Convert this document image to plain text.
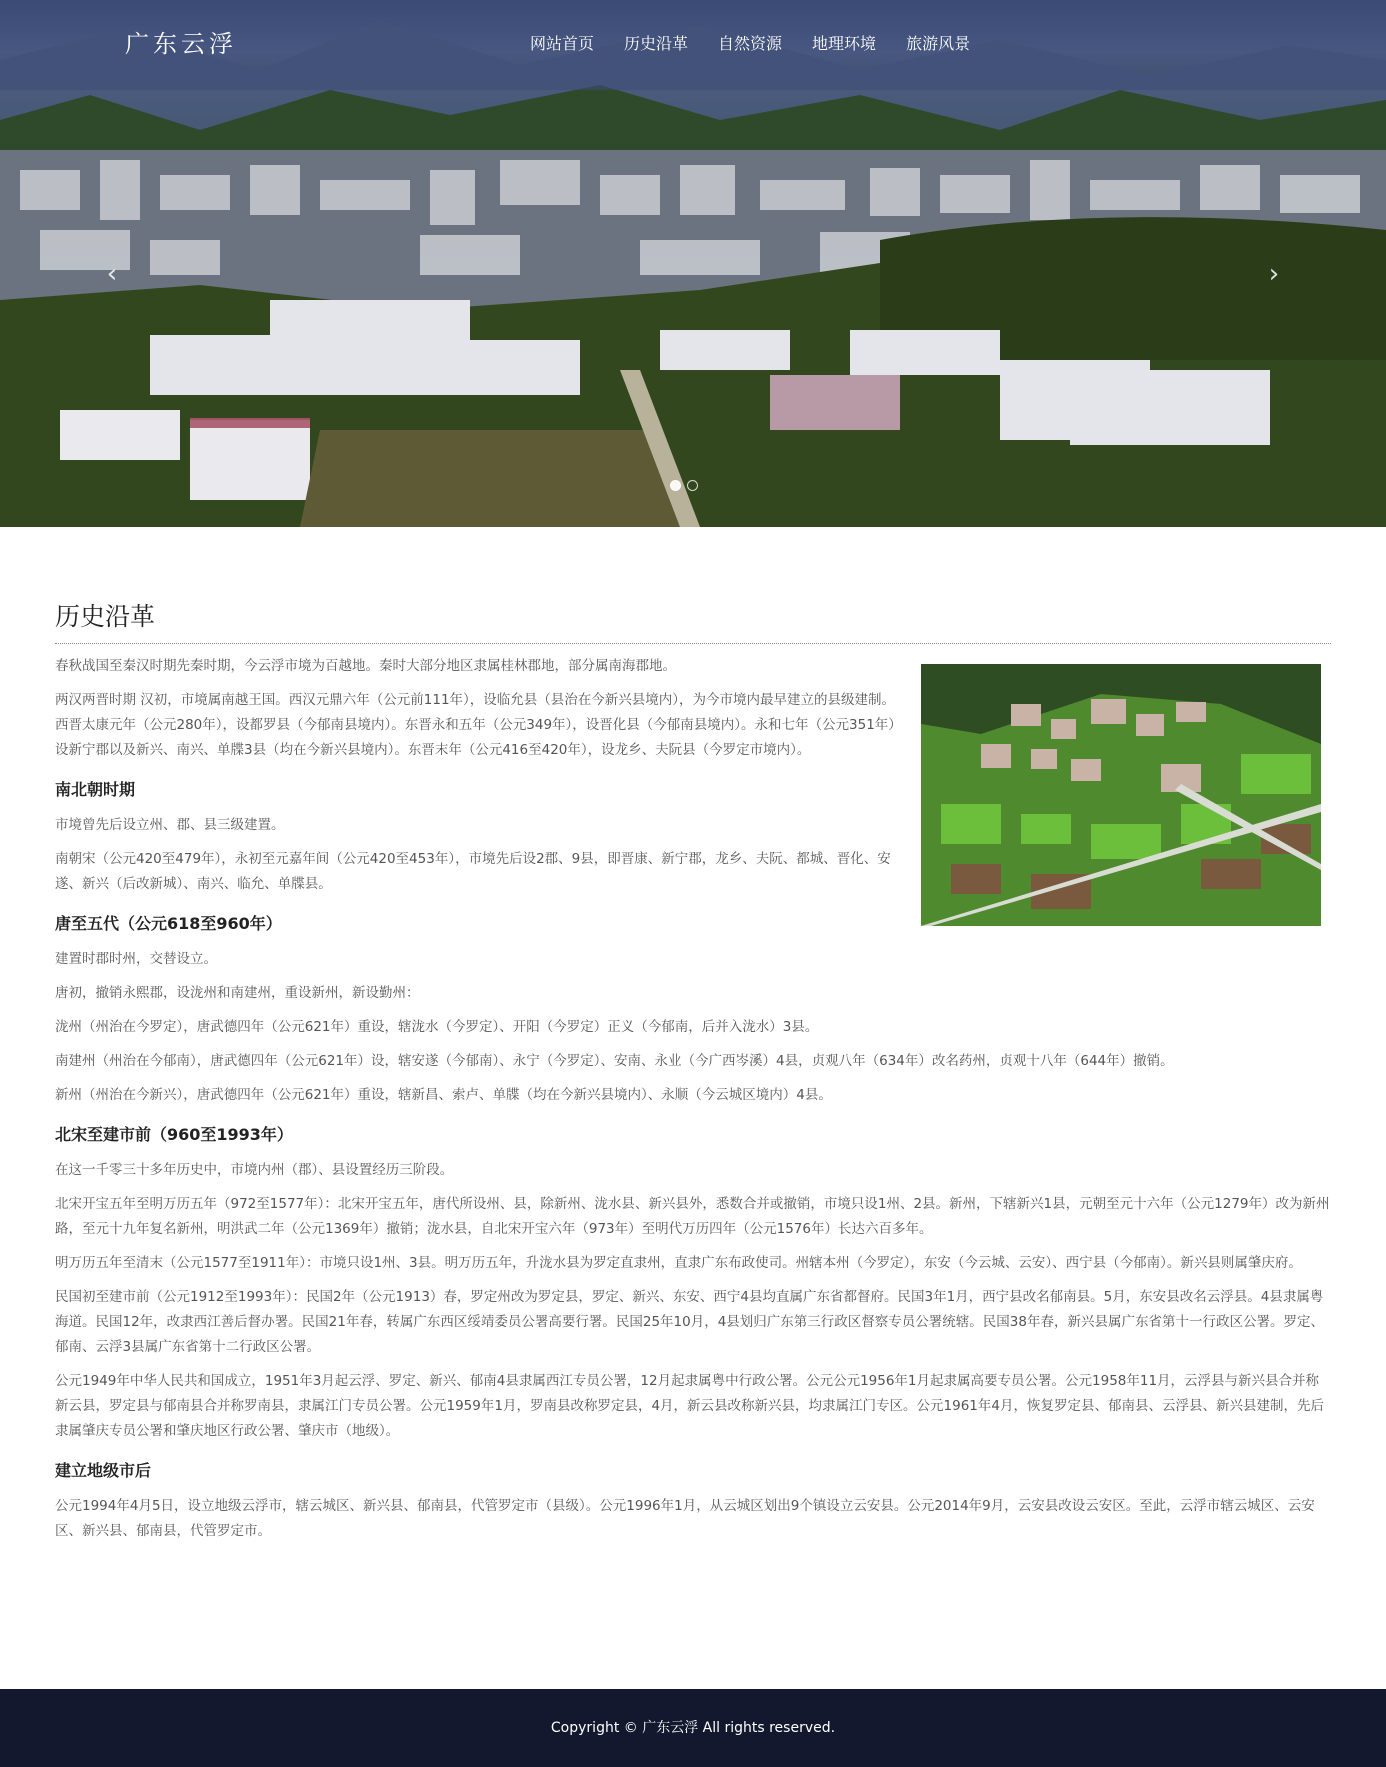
广东云浮	网站首页	历史沿革	自然资源	地理环境	旅游风景
‹	›
历史沿革

春秋战国至秦汉时期先秦时期，今云浮市境为百越地。秦时大部分地区隶属桂林郡地，部分属南海郡地。

两汉两晋时期 汉初，市境属南越王国。西汉元鼎六年（公元前111年），设临允县（县治在今新兴县境内），为今市境内最早建立的县级建制。西晋太康元年（公元280年），设都罗县（今郁南县境内）。东晋永和五年（公元349年），设晋化县（今郁南县境内）。永和七年（公元351年）设新宁郡以及新兴、南兴、单牒3县（均在今新兴县境内）。东晋末年（公元416至420年），设龙乡、夫阮县（今罗定市境内）。

南北朝时期

市境曾先后设立州、郡、县三级建置。

南朝宋（公元420至479年），永初至元嘉年间（公元420至453年），市境先后设2郡、9县，即晋康、新宁郡，龙乡、夫阮、都城、晋化、安遂、新兴（后改新城）、南兴、临允、单牒县。

唐至五代（公元618至960年）

建置时郡时州，交替设立。

唐初，撤销永熙郡，设泷州和南建州，重设新州，新设勤州：

泷州（州治在今罗定），唐武德四年（公元621年）重设，辖泷水（今罗定）、开阳（今罗定）正义（今郁南，后并入泷水）3县。

南建州（州治在今郁南），唐武德四年（公元621年）设，辖安遂（今郁南）、永宁（今罗定）、安南、永业（今广西岑溪）4县，贞观八年（634年）改名药州，贞观十八年（644年）撤销。

新州（州治在今新兴），唐武德四年（公元621年）重设，辖新昌、索卢、单牒（均在今新兴县境内）、永顺（今云城区境内）4县。

北宋至建市前（960至1993年）

在这一千零三十多年历史中，市境内州（郡）、县设置经历三阶段。

北宋开宝五年至明万历五年（972至1577年）：北宋开宝五年，唐代所设州、县，除新州、泷水县、新兴县外，悉数合并或撤销，市境只设1州、2县。新州，下辖新兴1县，元朝至元十六年（公元1279年）改为新州路，至元十九年复名新州，明洪武二年（公元1369年）撤销；泷水县，自北宋开宝六年（973年）至明代万历四年（公元1576年）长达六百多年。

明万历五年至清末（公元1577至1911年）：市境只设1州、3县。明万历五年，升泷水县为罗定直隶州，直隶广东布政使司。州辖本州（今罗定），东安（今云城、云安）、西宁县（今郁南）。新兴县则属肇庆府。

民国初至建市前（公元1912至1993年）：民国2年（公元1913）春，罗定州改为罗定县，罗定、新兴、东安、西宁4县均直属广东省都督府。民国3年1月，西宁县改名郁南县。5月，东安县改名云浮县。4县隶属粤海道。民国12年，改隶西江善后督办署。民国21年春，转属广东西区绥靖委员公署高要行署。民国25年10月，4县划归广东第三行政区督察专员公署统辖。民国38年春，新兴县属广东省第十一行政区公署。罗定、郁南、云浮3县属广东省第十二行政区公署。

公元1949年中华人民共和国成立，1951年3月起云浮、罗定、新兴、郁南4县隶属西江专员公署，12月起隶属粤中行政公署。公元公元1956年1月起隶属高要专员公署。公元1958年11月，云浮县与新兴县合并称新云县，罗定县与郁南县合并称罗南县，隶属江门专员公署。公元1959年1月，罗南县改称罗定县，4月，新云县改称新兴县，均隶属江门专区。公元1961年4月，恢复罗定县、郁南县、云浮县、新兴县建制，先后隶属肇庆专员公署和肇庆地区行政公署、肇庆市（地级）。

建立地级市后

公元1994年4月5日，设立地级云浮市，辖云城区、新兴县、郁南县，代管罗定市（县级）。公元1996年1月，从云城区划出9个镇设立云安县。公元2014年9月，云安县改设云安区。至此，云浮市辖云城区、云安区、新兴县、郁南县，代管罗定市。

Copyright © 广东云浮 All rights reserved.
